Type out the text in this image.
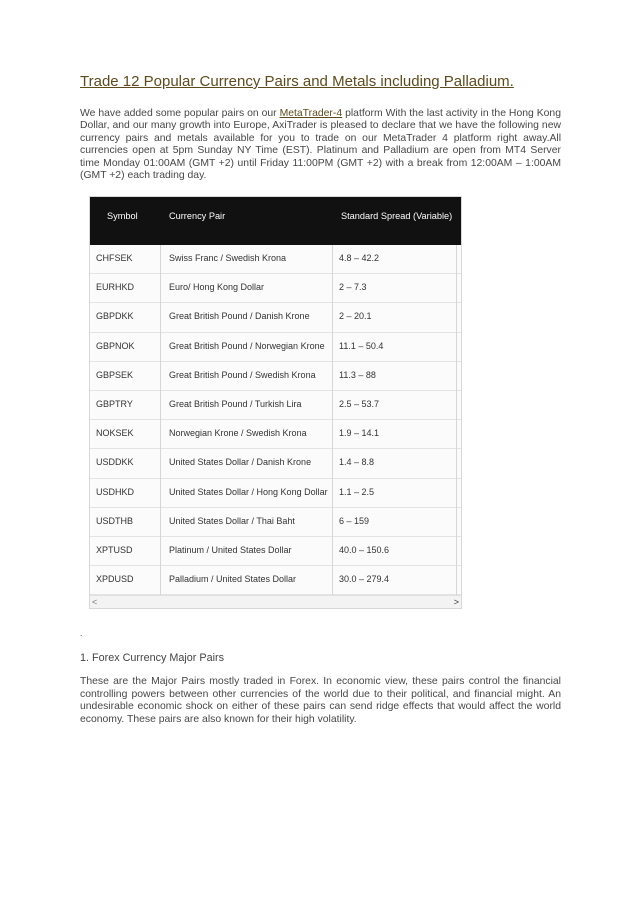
Trade 12 Popular Currency Pairs and Metals including Palladium.

We have added some popular pairs on our MetaTrader-4 platform With the last activity in the Hong Kong Dollar, and our many growth into Europe, AxiTrader is pleased to declare that we have the following new currency pairs and metals available for you to trade on our MetaTrader 4 platform right away.All currencies open at 5pm Sunday NY Time (EST). Platinum and Palladium are open from MT4 Server time Monday 01:00AM (GMT +2) until Friday 11:00PM (GMT +2) with a break from 12:00AM – 1:00AM (GMT +2) each trading day.

Symbol	Currency Pair	Standard Spread (Variable)
CHFSEK	Swiss Franc / Swedish Krona	4.8 – 42.2
EURHKD	Euro/ Hong Kong Dollar	2 – 7.3
GBPDKK	Great British Pound / Danish Krone	2 – 20.1
GBPNOK	Great British Pound / Norwegian Krone 11.1 – 50.4
GBPSEK	Great British Pound / Swedish Krona	11.3 – 88
GBPTRY	Great British Pound / Turkish Lira	2.5 – 53.7
NOKSEK	Norwegian Krone / Swedish Krona	1.9 – 14.1
USDDKK	United States Dollar / Danish Krone	1.4 – 8.8
USDHKD	United States Dollar / Hong Kong Dollar 1.1 – 2.5
USDTHB	United States Dollar / Thai Baht	6 – 159
XPTUSD	Platinum / United States Dollar	40.0 – 150.6
XPDUSD	Palladium / United States Dollar	30.0 – 279.4
<	>
.
1. Forex Currency Major Pairs

These are the Major Pairs mostly traded in Forex. In economic view, these pairs control the financial controlling powers between other currencies of the world due to their political, and financial might. An undesirable economic shock on either of these pairs can send ridge effects that would affect the world economy. These pairs are also known for their high volatility.
